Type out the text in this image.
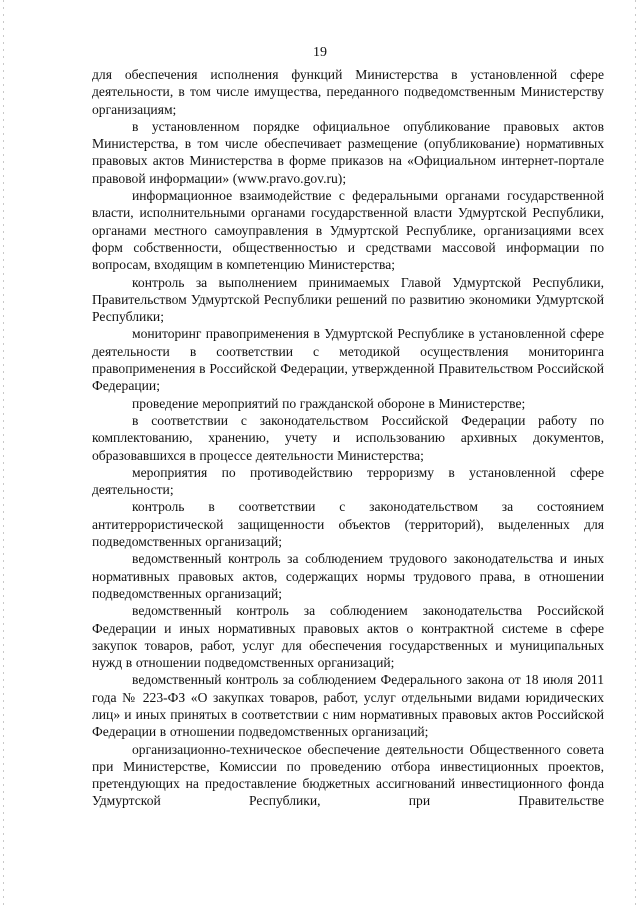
19

для обеспечения исполнения функций Министерства в установленной сфере деятельности, в том числе имущества, переданного подведомственным Министерству организациям;

в установленном порядке официальное опубликование правовых актов Министерства, в том числе обеспечивает размещение (опубликование) нормативных правовых актов Министерства в форме приказов на «Официальном интернет-портале правовой информации» (www.pravo.gov.ru);

информационное взаимодействие с федеральными органами государственной власти, исполнительными органами государственной власти Удмуртской Республики, органами местного самоуправления в Удмуртской Республике, организациями всех форм собственности, общественностью и средствами массовой информации по вопросам, входящим в компетенцию Министерства;

контроль за выполнением принимаемых Главой Удмуртской Республики, Правительством Удмуртской Республики решений по развитию экономики Удмуртской Республики;

мониторинг правоприменения в Удмуртской Республике в установленной сфере деятельности в соответствии с методикой осуществления мониторинга правоприменения в Российской Федерации, утвержденной Правительством Российской Федерации;

проведение мероприятий по гражданской обороне в Министерстве;

в соответствии с законодательством Российской Федерации работу по комплектованию, хранению, учету и использованию архивных документов, образовавшихся в процессе деятельности Министерства;

мероприятия по противодействию терроризму в установленной сфере деятельности;

контроль в соответствии с законодательством за состоянием антитеррористической защищенности объектов (территорий), выделенных для подведомственных организаций;

ведомственный контроль за соблюдением трудового законодательства и иных нормативных правовых актов, содержащих нормы трудового права, в отношении подведомственных организаций;

ведомственный контроль за соблюдением законодательства Российской Федерации и иных нормативных правовых актов о контрактной системе в сфере закупок товаров, работ, услуг для обеспечения государственных и муниципальных нужд в отношении подведомственных организаций;

ведомственный контроль за соблюдением Федерального закона от 18 июля 2011 года № 223-ФЗ «О закупках товаров, работ, услуг отдельными видами юридических лиц» и иных принятых в соответствии с ним нормативных правовых актов Российской Федерации в отношении подведомственных организаций;

организационно-техническое обеспечение деятельности Общественного совета при Министерстве, Комиссии по проведению отбора инвестиционных проектов, претендующих на предоставление бюджетных ассигнований инвестиционного фонда Удмуртской Республики, при Правительстве
